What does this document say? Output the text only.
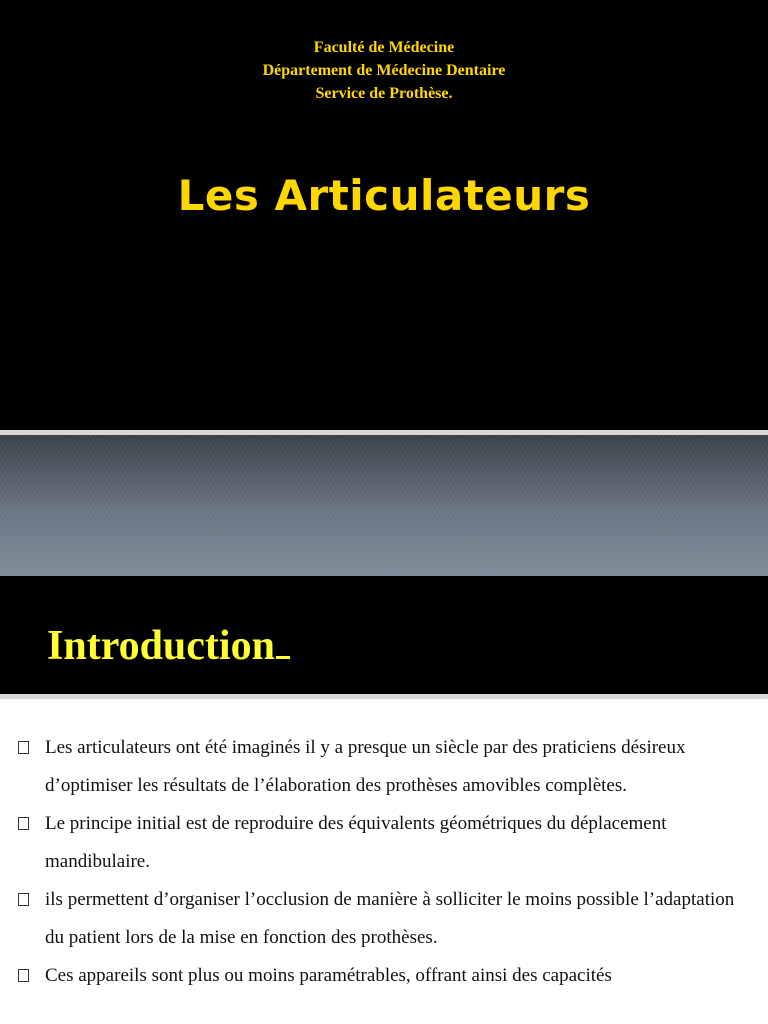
Faculté de Médecine
Département de Médecine Dentaire
Service de Prothèse.
Les Articulateurs
Introduction
Les articulateurs ont été imaginés il y a presque un siècle par des praticiens désireux d’optimiser les résultats de l’élaboration des prothèses amovibles complètes.
Le principe initial est de reproduire des équivalents géométriques du déplacement mandibulaire.
ils permettent d’organiser l’occlusion de manière à solliciter le moins possible l’adaptation du patient lors de la mise en fonction des prothèses.
Ces appareils sont plus ou moins paramétrables, offrant ainsi des capacités
